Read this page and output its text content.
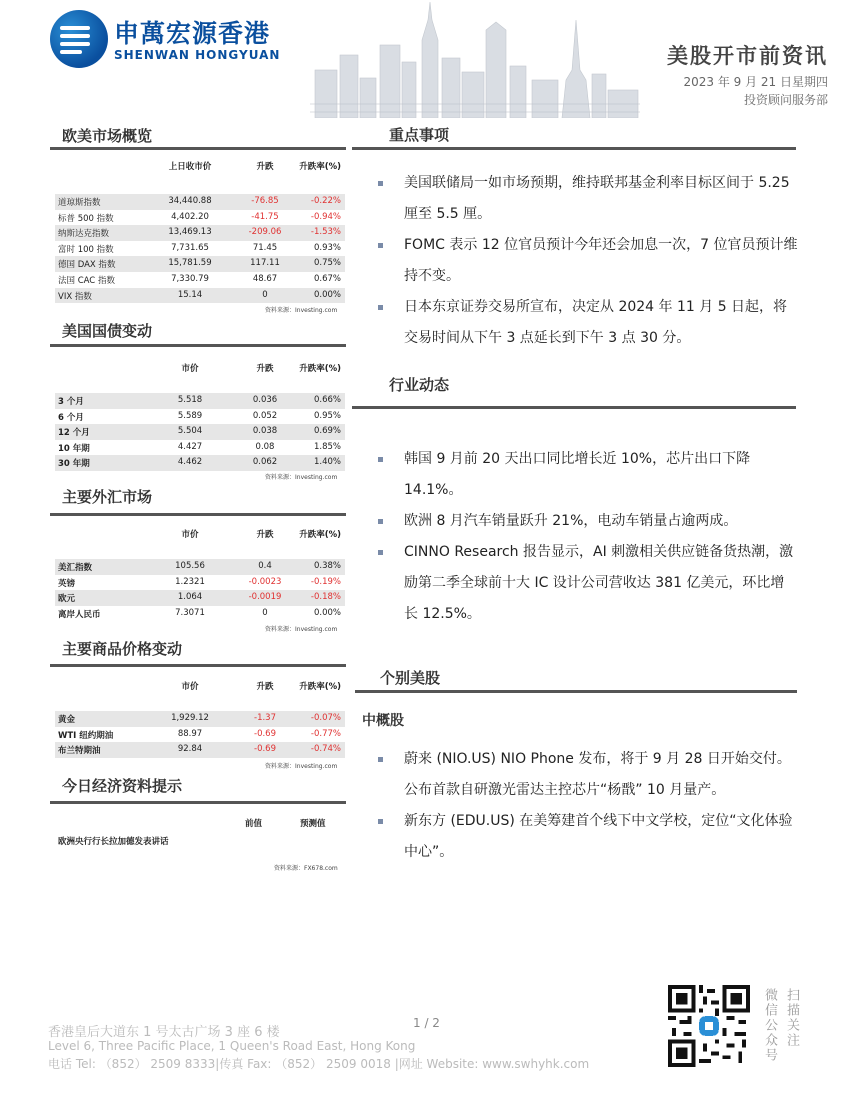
申萬宏源香港
SHENWAN HONGYUAN	美股开市前资讯
2023 年 9 月 21 日星期四
投资顾问服务部
欧美市场概览
上日收市价	升跌	升跌率(%)
道琼斯指数	34,440.88	-76.85	-0.22%
标普 500 指数	4,402.20	-41.75	-0.94%
纳斯达克指数	13,469.13	-209.06	-1.53%
富时 100 指数	7,731.65	71.45	0.93%
德国 DAX 指数	15,781.59	117.11	0.75%
法国 CAC 指数	7,330.79	48.67	0.67%
VIX 指数	15.14	0	0.00%
资料来源：Investing.com
美国国债变动
市价	升跌	升跌率(%)
3 个月	5.518	0.036	0.66%
6 个月	5.589	0.052	0.95%
12 个月	5.504	0.038	0.69%
10 年期	4.427	0.08	1.85%
30 年期	4.462	0.062	1.40%
资料来源：Investing.com
主要外汇市场
市价	升跌	升跌率(%)
美汇指数	105.56	0.4	0.38%
英镑	1.2321	-0.0023	-0.19%
欧元	1.064	-0.0019	-0.18%
离岸人民币	7.3071	0	0.00%
资料来源：Investing.com
主要商品价格变动
市价	升跌	升跌率(%)
黄金	1,929.12	-1.37	-0.07%
WTI 纽约期油	88.97	-0.69	-0.77%
布兰特期油	92.84	-0.69	-0.74%
资料来源：Investing.com
今日经济资料提示
前值	预测值
欧洲央行行长拉加德发表讲话
资料来源：FX678.com
重点事项
美国联储局一如市场预期，维持联邦基金利率目标区间于 5.25 厘至 5.5 厘。
FOMC 表示 12 位官员预计今年还会加息一次，7 位官员预计维持不变。
日本东京证券交易所宣布，决定从 2024 年 11 月 5 日起，将交易时间从下午 3 点延长到下午 3 点 30 分。
行业动态
韩国 9 月前 20 天出口同比增长近 10%，芯片出口下降 14.1%。
欧洲 8 月汽车销量跃升 21%，电动车销量占逾两成。
CINNO Research 报告显示，AI 刺激相关供应链备货热潮，激励第二季全球前十大 IC 设计公司营收达 381 亿美元，环比增长 12.5%。
个别美股
中概股
蔚来 (NIO.US) NIO Phone 发布，将于 9 月 28 日开始交付。公布首款自研激光雷达主控芯片“杨戬” 10 月量产。
新东方 (EDU.US) 在美筹建首个线下中文学校，定位“文化体验中心”。
1 / 2
香港皇后大道东 1 号太古广场 3 座 6 楼
Level 6, Three Pacific Place, 1 Queen's Road East, Hong Kong
电话 Tel: （852） 2509 8333|传真 Fax: （852） 2509 0018 |网址 Website: www.swhyhk.com
微信公众号 扫描关注
